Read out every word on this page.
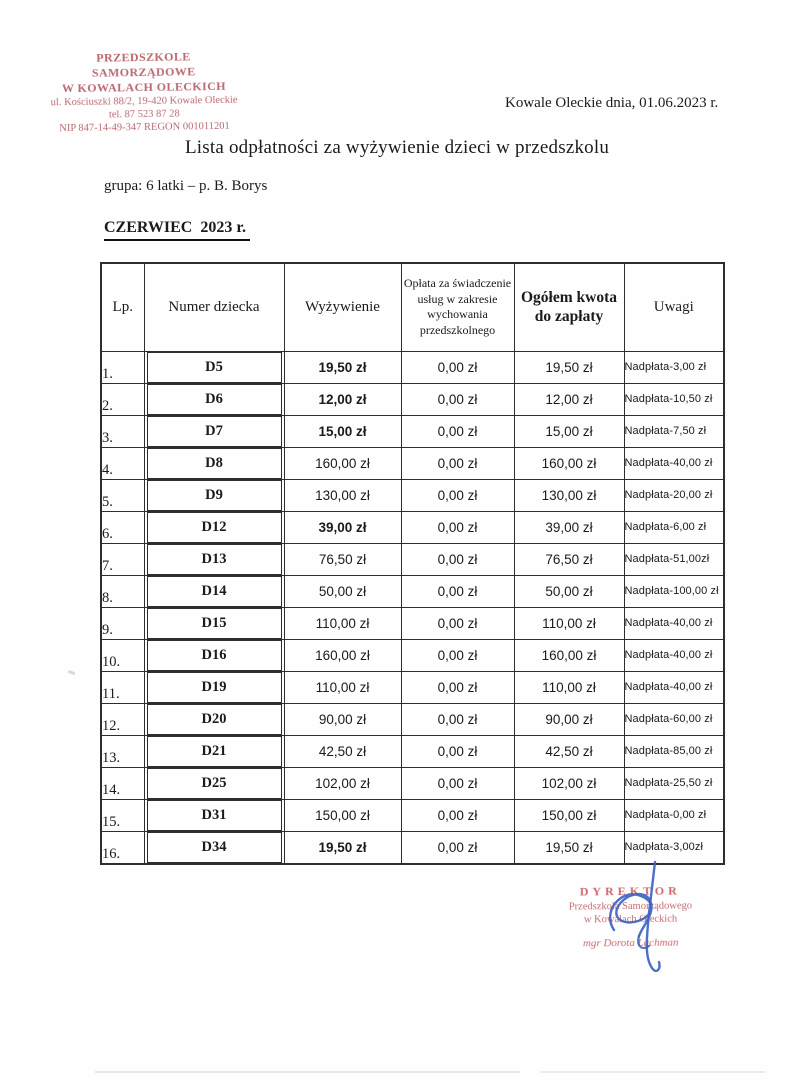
PRZEDSZKOLE SAMORZĄDOWE
W KOWALACH OLECKICH
ul. Kościuszki 88/2, 19-420 Kowale Oleckie
tel. 87 523 87 28
NIP 847-14-49-347 REGON 001011201
Kowale Oleckie dnia, 01.06.2023 r.
Lista odpłatności za wyżywienie dzieci w przedszkolu
grupa: 6 latki – p. B. Borys
CZERWIEC  2023 r.
Lp.	Numer dziecka	Wyżywienie	Opłata za świadczenie usług w zakresie wychowania przedszkolnego	Ogółem kwota do zapłaty	Uwagi
1.	D5	19,50 zł	0,00 zł	19,50 zł	Nadpłata-3,00 zł
2.	D6	12,00 zł	0,00 zł	12,00 zł	Nadpłata-10,50 zł
3.	D7	15,00 zł	0,00 zł	15,00 zł	Nadpłata-7,50 zł
4.	D8	160,00 zł	0,00 zł	160,00 zł	Nadpłata-40,00 zł
5.	D9	130,00 zł	0,00 zł	130,00 zł	Nadpłata-20,00 zł
6.	D12	39,00 zł	0,00 zł	39,00 zł	Nadpłata-6,00 zł
7.	D13	76,50 zł	0,00 zł	76,50 zł	Nadpłata-51,00zł
8.	D14	50,00 zł	0,00 zł	50,00 zł	Nadpłata-100,00 zł
9.	D15	110,00 zł	0,00 zł	110,00 zł	Nadpłata-40,00 zł
10.	D16	160,00 zł	0,00 zł	160,00 zł	Nadpłata-40,00 zł
11.	D19	110,00 zł	0,00 zł	110,00 zł	Nadpłata-40,00 zł
12.	D20	90,00 zł	0,00 zł	90,00 zł	Nadpłata-60,00 zł
13.	D21	42,50 zł	0,00 zł	42,50 zł	Nadpłata-85,00 zł
14.	D25	102,00 zł	0,00 zł	102,00 zł	Nadpłata-25,50 zł
15.	D31	150,00 zł	0,00 zł	150,00 zł	Nadpłata-0,00 zł
16.	D34	19,50 zł	0,00 zł	19,50 zł	Nadpłata-3,00zł
DYREKTOR
Przedszkola Samorządowego
w Kowalach Oleckich
mgr Dorota Lachman
